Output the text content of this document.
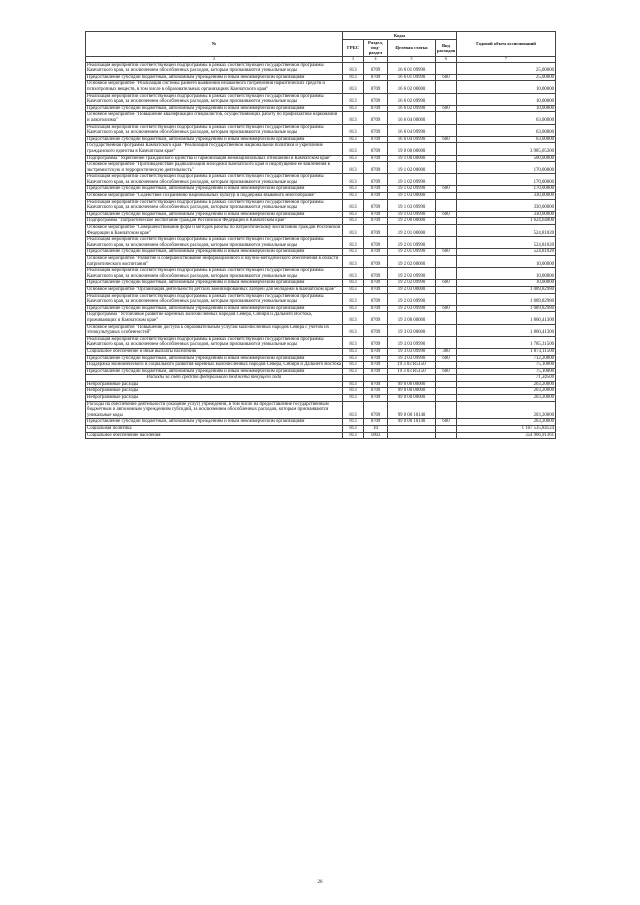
№	Коды				Годовой объем ассигнований
	ГРБС	Раздел, под-раздел	Целевая статья	Вид расходов	
2	3	4	5	6	7
Реализация мероприятий соответствующей подпрограммы в рамках соответствующей государственной программы Камчатского края, за исключением обособленных расходов, которым присваиваются уникальные коды	813	0709	16 6 01 09990		25,00000
Предоставление субсидий бюджетным, автономным учреждениям и иным некоммерческим организациям	813	0709	16 6 01 09990	600	25,00000
Основное мероприятие "Реализация системы раннего выявления незаконного потребления наркотических средств и психотропных веществ, в том числе в образовательных организациях Камчатского края"	813	0709	16 6 02 00000		10,00000
Реализация мероприятий соответствующей подпрограммы в рамках соответствующей государственной программы Камчатского края, за исключением обособленных расходов, которым присваиваются уникальные коды	813	0709	16 6 02 09990		10,00000
Предоставление субсидий бюджетным, автономным учреждениям и иным некоммерческим организациям	813	0709	16 6 02 09990	600	10,00000
Основное мероприятие "Повышение квалификации специалистов, осуществляющих работу по профилактике наркомании и алкоголизма"	813	0709	16 6 04 00000		63,00000
Реализация мероприятий соответствующей подпрограммы в рамках соответствующей государственной программы Камчатского края, за исключением обособленных расходов, которым присваиваются уникальные коды	813	0709	16 6 04 09990		63,00000
Предоставление субсидий бюджетным, автономным учреждениям и иным некоммерческим организациям	813	0709	16 6 04 09990	600	63,00000
Государственная программа Камчатского края "Реализация государственной национальной политики и укрепление гражданского единства в Камчатском крае"	813	0709	19 0 00 00000		3 985,05300
Подпрограмма "Укрепление гражданского единства и гармонизация межнациональных отношений в Камчатском крае"	813	0709	19 1 00 00000		500,00000
Основное мероприятие "Противодействие радикализации молодежи Камчатского края и недопущение ее вовлечения в экстремистскую и террористическую деятельность"	813	0709	19 1 02 00000		170,00000
Реализация мероприятий соответствующей подпрограммы в рамках соответствующей государственной программы Камчатского края, за исключением обособленных расходов, которым присваиваются уникальные коды	813	0709	19 1 02 09990		170,00000
Предоставление субсидий бюджетным, автономным учреждениям и иным некоммерческим организациям	813	0709	19 1 02 09990	600	170,00000
Основное мероприятие "Содействие сохранению национальных культур и поддержка языкового многообразия"	813	0709	19 1 03 00000		330,00000
Реализация мероприятий соответствующей подпрограммы в рамках соответствующей государственной программы Камчатского края, за исключением обособленных расходов, которым присваиваются уникальные коды	813	0709	19 1 03 09990		330,00000
Предоставление субсидий бюджетным, автономным учреждениям и иным некоммерческим организациям	813	0709	19 1 03 09990	600	330,00000
Подпрограмма "Патриотическое воспитание граждан Российской Федерации в Камчатском крае"	813	0709	19 2 00 00000		1 624,64000
Основное мероприятие "Совершенствование форм и методов работы по патриотическому воспитанию граждан Российской Федерации в Камчатском крае"	813	0709	19 2 01 00000		524,81020
Реализация мероприятий соответствующей подпрограммы в рамках соответствующей государственной программы Камчатского края, за исключением обособленных расходов, которым присваиваются уникальные коды	813	0709	19 2 01 09990		524,81020
Предоставление субсидий бюджетным, автономным учреждениям и иным некоммерческим организациям	813	0709	19 2 01 09990	600	524,81020
Основное мероприятие "Развитие и совершенствование информационного и научно-методического обеспечения в области патриотического воспитания"	813	0709	19 2 02 00000		10,00000
Реализация мероприятий соответствующей подпрограммы в рамках соответствующей государственной программы Камчатского края, за исключением обособленных расходов, которым присваиваются уникальные коды	813	0709	19 2 02 09990		10,00000
Предоставление субсидий бюджетным, автономным учреждениям и иным некоммерческим организациям	813	0709	19 2 02 09990	600	10,00000
Основное мероприятие "Организация деятельности детских военизированных лагерей для молодежи в Камчатском крае"	813	0709	19 2 03 00000		1 089,82980
Реализация мероприятий соответствующей подпрограммы в рамках соответствующей государственной программы Камчатского края, за исключением обособленных расходов, которым присваиваются уникальные коды	813	0709	19 2 03 09990		1 089,82980
Предоставление субсидий бюджетным, автономным учреждениям и иным некоммерческим организациям	813	0709	19 2 03 09990	600	1 089,82980
Подпрограмма "Устойчивое развитие коренных малочисленных народов Севера, Сибири и Дальнего Востока, проживающих в Камчатском крае"	813	0709	19 3 00 00000		1 860,41300
Основное мероприятие "Повышение доступа к образовательным услугам малочисленных народов Севера с учетом их этнокультурных особенностей"	813	0709	19 3 03 00000		1 860,41300
Реализация мероприятий соответствующей подпрограммы в рамках соответствующей государственной программы Камчатского края, за исключением обособленных расходов, которым присваиваются уникальные коды	813	0709	19 3 03 09990		1 785,31500
Социальное обеспечение и иные выплаты населению	813	0709	19 3 03 09990	300	1 073,11500
Предоставление субсидий бюджетным, автономным учреждениям и иным некоммерческим организациям	813	0709	19 3 03 09990	600	712,20000
Поддержка экономического и социального развития коренных малочисленных народов Севера, Сибири и Дальнего Востока	813	0709	19 3 03 R5150		75,10000
Предоставление субсидий бюджетным, автономным учреждениям и иным некоммерческим организациям	813	0709	19 3 03 R5150	600	75,10000
Расходы за счет средств федерального бюджета текущего года					71,34500
Непрограммные расходы	813	0709	99 0 00 00000		203,20000
Непрограммные расходы	813	0709	99 0 00 00000		203,20000
Непрограммные расходы	813	0709	99 0 00 00000		203,20000
Расходы на обеспечение деятельности (оказание услуг) учреждений, в том числе на предоставление государственным бюджетным и автономным учреждениям субсидий, за исключением обособленных расходов, которым присваиваются уникальные коды	813	0709	99 0 00 10140		203,20000
Предоставление субсидий бюджетным, автономным учреждениям и иным некоммерческим организациям	813	0709	99 0 00 10140	600	203,20000
Социальная политика	813	10			1 167 535,84124
Социальное обеспечение населения	813	1003			354 966,91361
26
